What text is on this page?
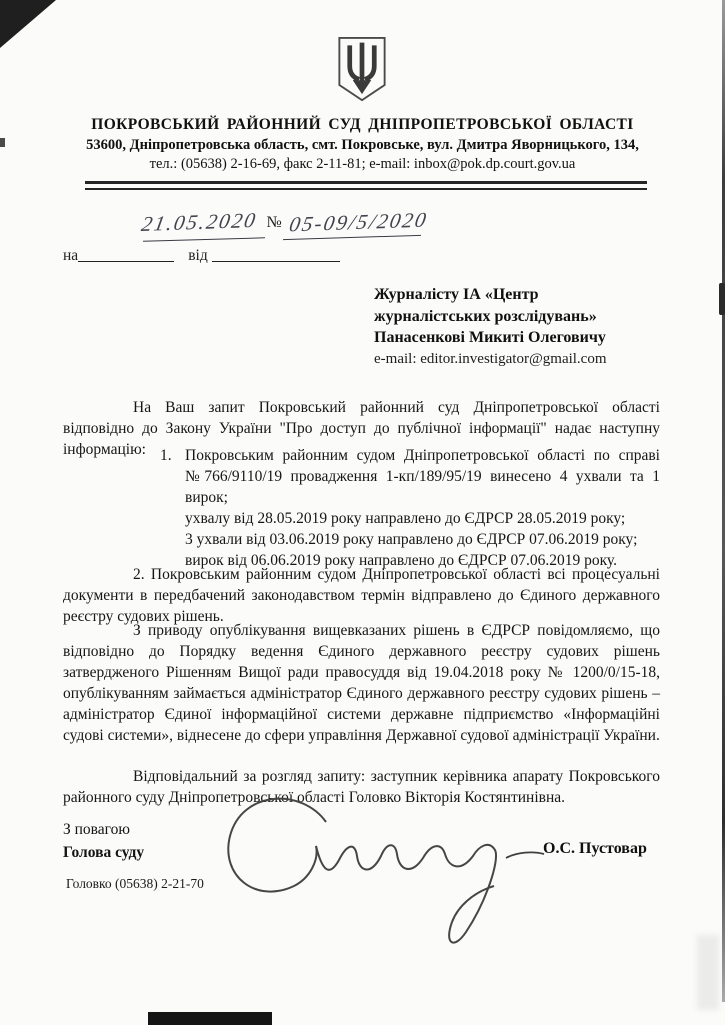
ПОКРОВСЬКИЙ РАЙОННИЙ СУД ДНІПРОПЕТРОВСЬКОЇ ОБЛАСТІ
53600, Дніпропетровська область, смт. Покровське, вул. Дмитра Яворницького, 134,
тел.: (05638) 2-16-69, факс 2-11-81; e-mail: inbox@pok.dp.court.gov.ua
21.05.2020 № 05-09/5/2020
на	від
Журналісту ІА «Центр
журналістських розслідувань»
Панасенкові Микиті Олеговичу
e-mail: editor.investigator@gmail.com

На Ваш запит Покровський районний суд Дніпропетровської області відповідно до Закону України "Про доступ до публічної інформації" надає наступну інформацію: 1. Покровським районним судом Дніпропетровської області по справі №766/9110/19 провадження 1-кп/189/95/19 винесено 4 ухвали та 1 вирок;
ухвалу від 28.05.2019 року направлено до ЄДРСР 28.05.2019 року;
3 ухвали від 03.06.2019 року направлено до ЄДРСР 07.06.2019 року;
вирок від 06.06.2019 року направлено до ЄДРСР 07.06.2019 року.

2. Покровським районним судом Дніпропетровської області всі процесуальні документи в передбачений законодавством термін відправлено до Єдиного державного реєстру судових рішень.

З приводу опублікування вищевказаних рішень в ЄДРСР повідомляємо, що відповідно до Порядку ведення Єдиного державного реєстру судових рішень затвердженого Рішенням Вищої ради правосуддя від 19.04.2018 року № 1200/0/15-18, опублікуванням займається адміністратор Єдиного державного реєстру судових рішень – адміністратор Єдиної інформаційної системи державне підприємство «Інформаційні судові системи», віднесене до сфери управління Державної судової адміністрації України.

Відповідальний за розгляд запиту: заступник керівника апарату Покровського районного суду Дніпропетровської області Головко Вікторія Костянтинівна.

З повагою
Голова суду	О.С. Пустовар
Головко (05638) 2-21-70
